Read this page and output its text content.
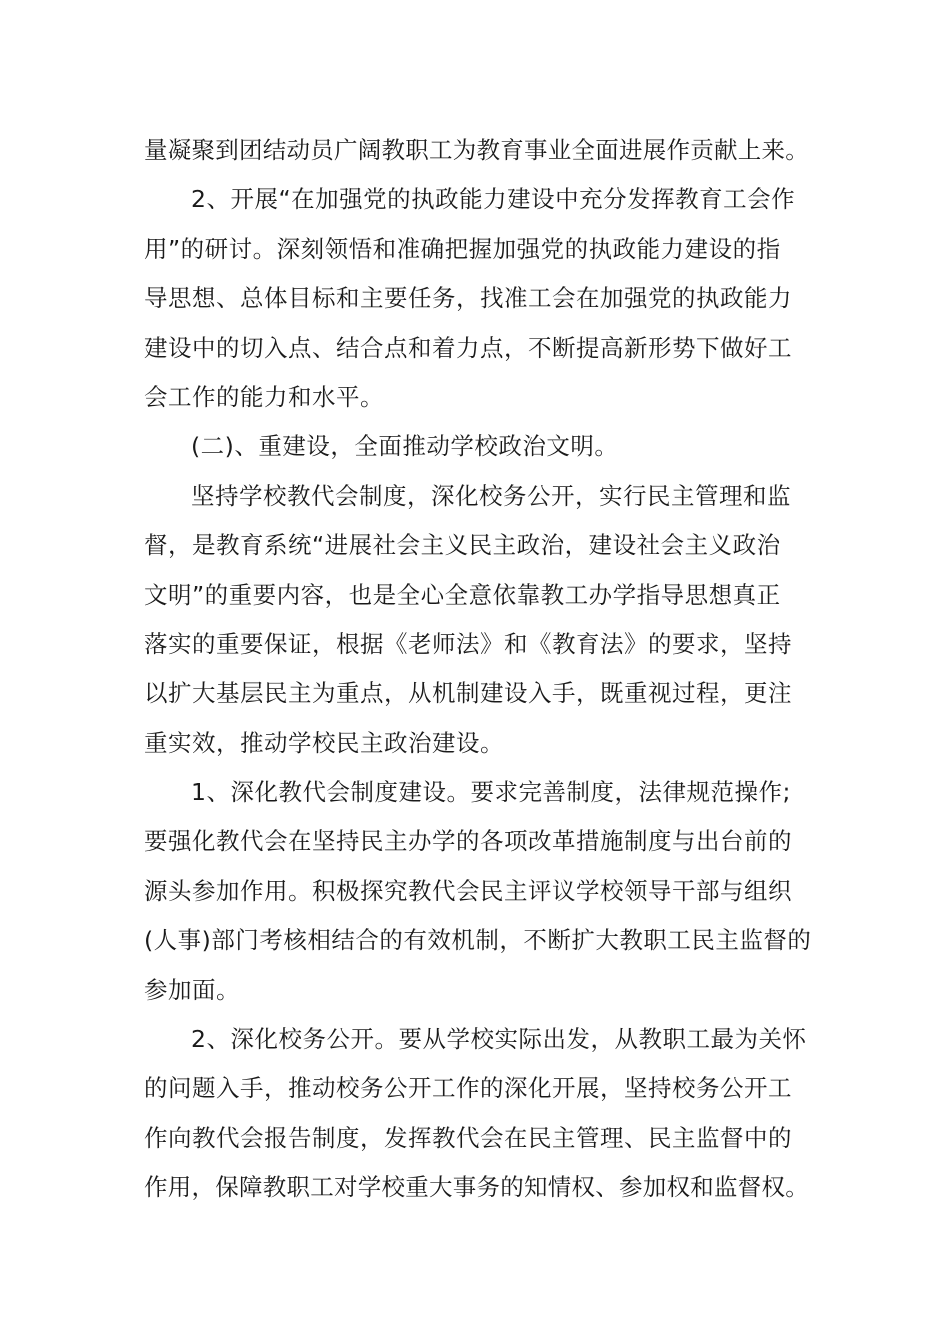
量凝聚到团结动员广阔教职工为教育事业全面进展作贡献上来。
2、开展“在加强党的执政能力建设中充分发挥教育工会作
用”的研讨。深刻领悟和准确把握加强党的执政能力建设的指
导思想、总体目标和主要任务，找准工会在加强党的执政能力
建设中的切入点、结合点和着力点，不断提高新形势下做好工
会工作的能力和水平。
(二)、重建设，全面推动学校政治文明。
坚持学校教代会制度，深化校务公开，实行民主管理和监
督，是教育系统“进展社会主义民主政治，建设社会主义政治
文明”的重要内容，也是全心全意依靠教工办学指导思想真正
落实的重要保证，根据《老师法》和《教育法》的要求，坚持
以扩大基层民主为重点，从机制建设入手，既重视过程，更注
重实效，推动学校民主政治建设。
1、深化教代会制度建设。要求完善制度，法律规范操作;
要强化教代会在坚持民主办学的各项改革措施制度与出台前的
源头参加作用。积极探究教代会民主评议学校领导干部与组织
(人事)部门考核相结合的有效机制，不断扩大教职工民主监督的
参加面。
2、深化校务公开。要从学校实际出发，从教职工最为关怀
的问题入手，推动校务公开工作的深化开展，坚持校务公开工
作向教代会报告制度，发挥教代会在民主管理、民主监督中的
作用，保障教职工对学校重大事务的知情权、参加权和监督权。
